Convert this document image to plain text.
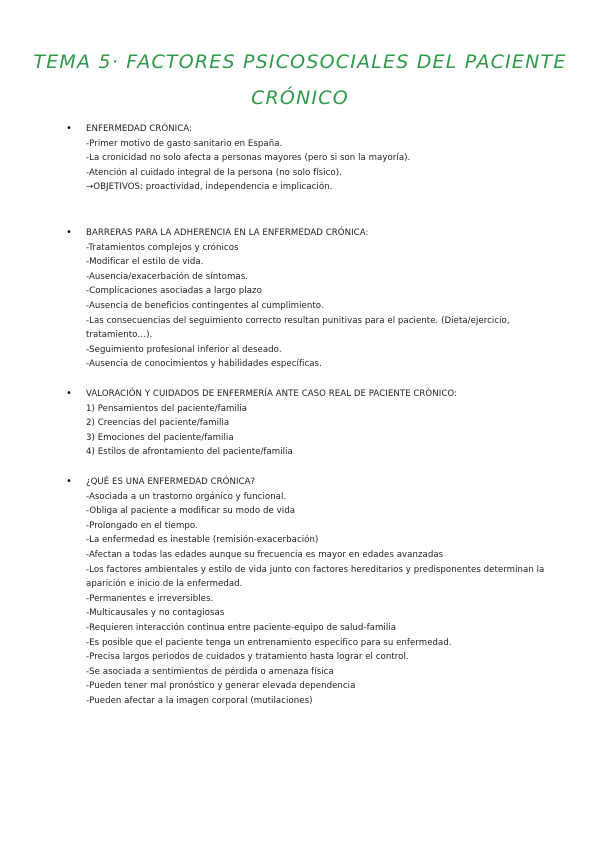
TEMA 5· FACTORES PSICOSOCIALES DEL PACIENTE
CRÓNICO
• ENFERMEDAD CRÓNICA:
-Primer motivo de gasto sanitario en España.
-La cronicidad no solo afecta a personas mayores (pero si son la mayoría).
-Atención al cuidado integral de la persona (no solo físico).
→OBJETIVOS: proactividad, independencia e implicación.
• BARRERAS PARA LA ADHERENCIA EN LA ENFERMEDAD CRÓNICA:
-Tratamientos complejos y crónicos
-Modificar el estilo de vida.
-Ausencia/exacerbación de síntomas.
-Complicaciones asociadas a largo plazo
-Ausencia de beneficios contingentes al cumplimiento.
-Las consecuencias del seguimiento correcto resultan punitivas para el paciente. (Dieta/ejercicio,
tratamiento…).
-Seguimiento profesional inferior al deseado.
-Ausencia de conocimientos y habilidades específicas.
• VALORACIÓN Y CUIDADOS DE ENFERMERÍA ANTE CASO REAL DE PACIENTE CRÓNICO:
1) Pensamientos del paciente/familia
2) Creencias del paciente/familia
3) Emociones del paciente/familia
4) Estilos de afrontamiento del paciente/familia
• ¿QUÉ ES UNA ENFERMEDAD CRÓNICA?
-Asociada a un trastorno orgánico y funcional.
-Obliga al paciente a modificar su modo de vida
-Prolongado en el tiempo.
-La enfermedad es inestable (remisión-exacerbación)
-Afectan a todas las edades aunque su frecuencia es mayor en edades avanzadas
-Los factores ambientales y estilo de vida junto con factores hereditarios y predisponentes determinan la
aparición e inicio de la enfermedad.
-Permanentes e irreversibles.
-Multicausales y no contagiosas
-Requieren interacción continua entre paciente-equipo de salud-familia
-Es posible que el paciente tenga un entrenamiento específico para su enfermedad.
-Precisa largos periodos de cuidados y tratamiento hasta lograr el control.
-Se asociada a sentimientos de pérdida o amenaza física
-Pueden tener mal pronóstico y generar elevada dependencia
-Pueden afectar a la imagen corporal (mutilaciones)
